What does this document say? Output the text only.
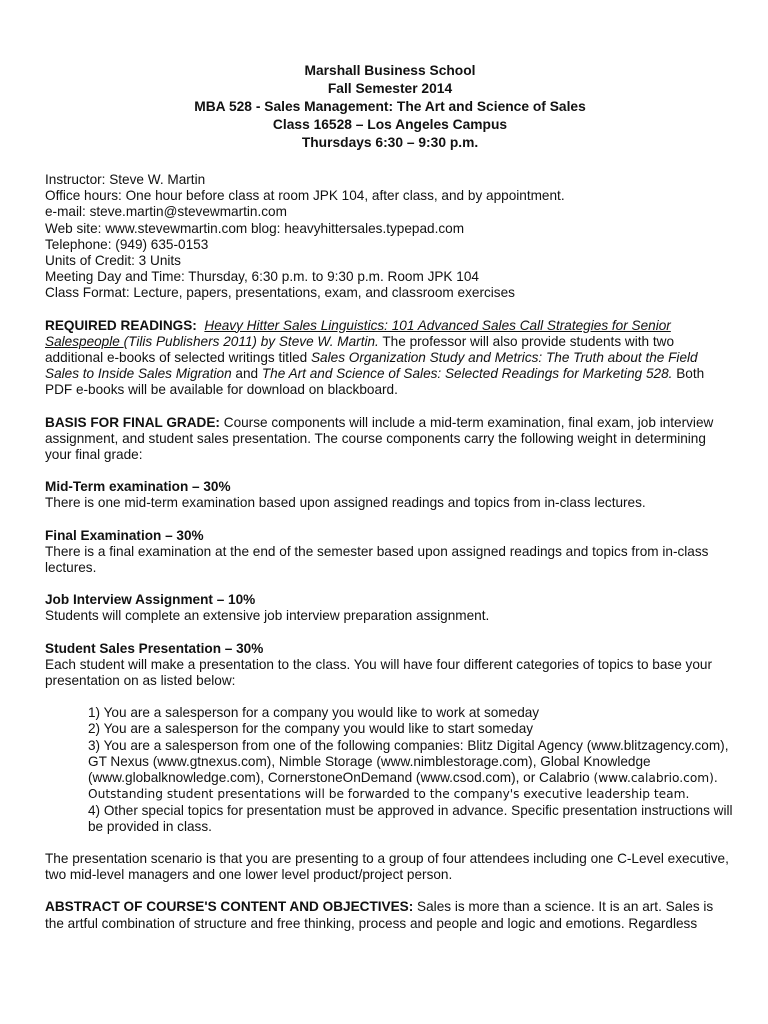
Marshall Business School
Fall Semester 2014
MBA 528 - Sales Management: The Art and Science of Sales
Class 16528 – Los Angeles Campus
Thursdays 6:30 – 9:30 p.m.
Instructor: Steve W. Martin
Office hours: One hour before class at room JPK 104, after class, and by appointment.
e-mail: steve.martin@stevewmartin.com
Web site: www.stevewmartin.com blog: heavyhittersales.typepad.com
Telephone: (949) 635-0153
Units of Credit: 3 Units
Meeting Day and Time: Thursday, 6:30 p.m. to 9:30 p.m. Room JPK 104
Class Format: Lecture, papers, presentations, exam, and classroom exercises

REQUIRED READINGS: Heavy Hitter Sales Linguistics: 101 Advanced Sales Call Strategies for Senior Salespeople (Tilis Publishers 2011) by Steve W. Martin. The professor will also provide students with two additional e-books of selected writings titled Sales Organization Study and Metrics: The Truth about the Field Sales to Inside Sales Migration and The Art and Science of Sales: Selected Readings for Marketing 528. Both PDF e-books will be available for download on blackboard.

BASIS FOR FINAL GRADE: Course components will include a mid-term examination, final exam, job interview assignment, and student sales presentation. The course components carry the following weight in determining your final grade:

Mid-Term examination – 30%
There is one mid-term examination based upon assigned readings and topics from in-class lectures.
Final Examination – 30%
There is a final examination at the end of the semester based upon assigned readings and topics from in-class lectures.
Job Interview Assignment – 10%
Students will complete an extensive job interview preparation assignment.
Student Sales Presentation – 30%
Each student will make a presentation to the class. You will have four different categories of topics to base your presentation on as listed below:
1) You are a salesperson for a company you would like to work at someday
2) You are a salesperson for the company you would like to start someday
3) You are a salesperson from one of the following companies: Blitz Digital Agency (www.blitzagency.com), GT Nexus (www.gtnexus.com), Nimble Storage (www.nimblestorage.com), Global Knowledge (www.globalknowledge.com), CornerstoneOnDemand (www.csod.com), or Calabrio (www.calabrio.com). Outstanding student presentations will be forwarded to the company's executive leadership team.
4) Other special topics for presentation must be approved in advance. Specific presentation instructions will be provided in class.

The presentation scenario is that you are presenting to a group of four attendees including one C-Level executive, two mid-level managers and one lower level product/project person.

ABSTRACT OF COURSE'S CONTENT AND OBJECTIVES: Sales is more than a science. It is an art. Sales is the artful combination of structure and free thinking, process and people and logic and emotions. Regardless
